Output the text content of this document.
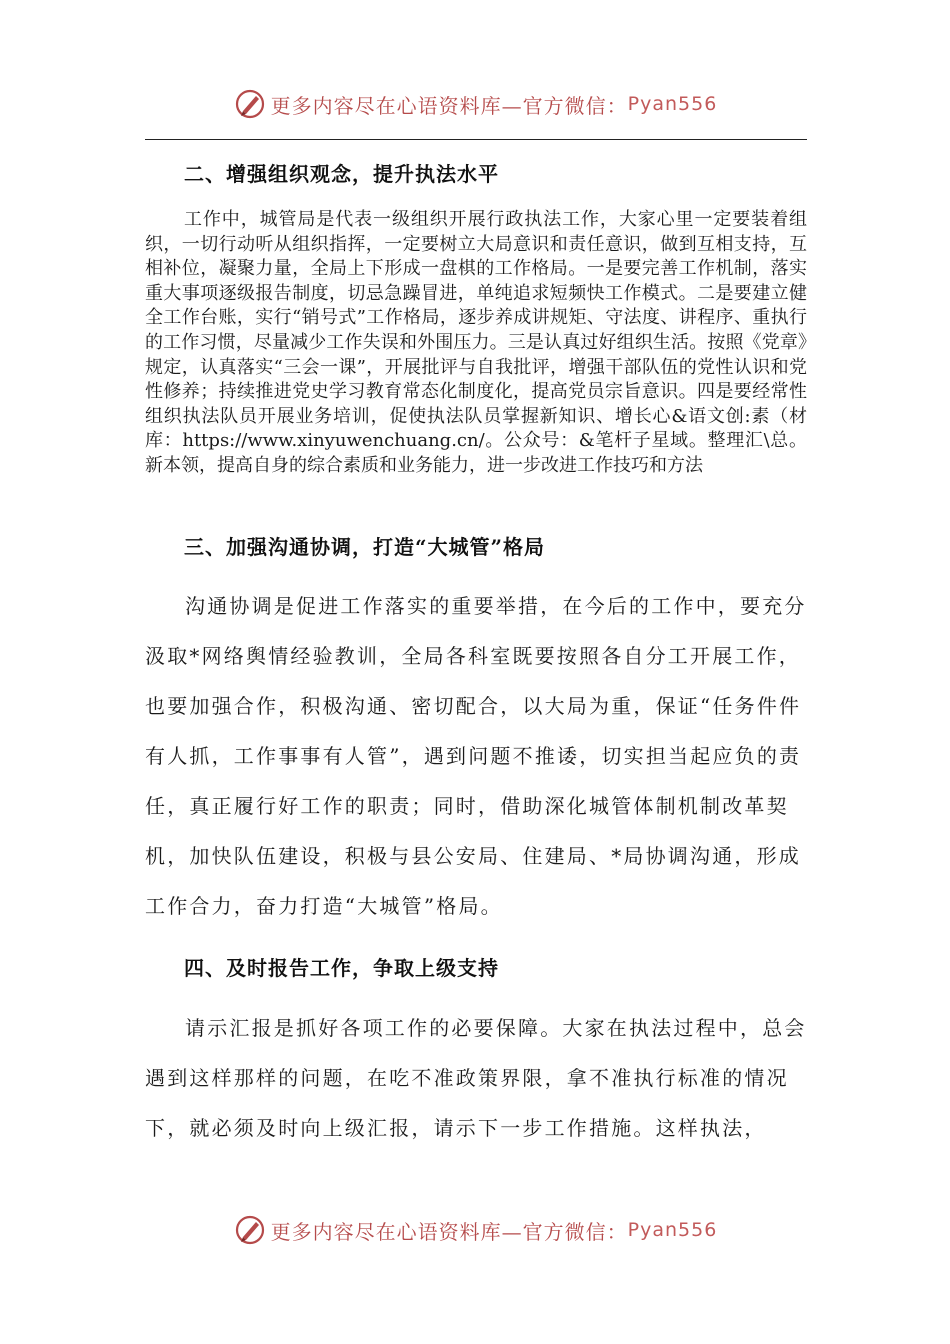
更多内容尽在心语资料库—官方微信： Pyan556
二、增强组织观念，提升执法水平

工作中，城管局是代表一级组织开展行政执法工作，大家心里一定要装着组织，一切行动听从组织指挥，一定要树立大局意识和责任意识，做到互相支持，互相补位，凝聚力量，全局上下形成一盘棋的工作格局。一是要完善工作机制，落实重大事项逐级报告制度，切忌急躁冒进，单纯追求短频快工作模式。二是要建立健全工作台账，实行“销号式”工作格局，逐步养成讲规矩、守法度、讲程序、重执行的工作习惯，尽量减少工作失误和外围压力。三是认真过好组织生活。按照《党章》规定，认真落实“三会一课”，开展批评与自我批评，增强干部队伍的党性认识和党性修养；持续推进党史学习教育常态化制度化，提高党员宗旨意识。四是要经常性组织执法队员开展业务培训，促使执法队员掌握新知识、增长心&语文创:素（材库：https://www.xinyuwenchuang.cn/。公众号：&笔杆子星域。整理汇\总。新本领，提高自身的综合素质和业务能力，进一步改进工作技巧和方法

三、加强沟通协调，打造“大城管”格局

沟通协调是促进工作落实的重要举措，在今后的工作中，要充分汲取*网络舆情经验教训，全局各科室既要按照各自分工开展工作，也要加强合作，积极沟通、密切配合，以大局为重，保证“任务件件有人抓，工作事事有人管”，遇到问题不推诿，切实担当起应负的责任，真正履行好工作的职责；同时，借助深化城管体制机制改革契机，加快队伍建设，积极与县公安局、住建局、*局协调沟通，形成工作合力，奋力打造“大城管”格局。

四、及时报告工作，争取上级支持

请示汇报是抓好各项工作的必要保障。大家在执法过程中，总会遇到这样那样的问题，在吃不准政策界限，拿不准执行标准的情况下，就必须及时向上级汇报，请示下一步工作措施。这样执法，

更多内容尽在心语资料库—官方微信： Pyan556
